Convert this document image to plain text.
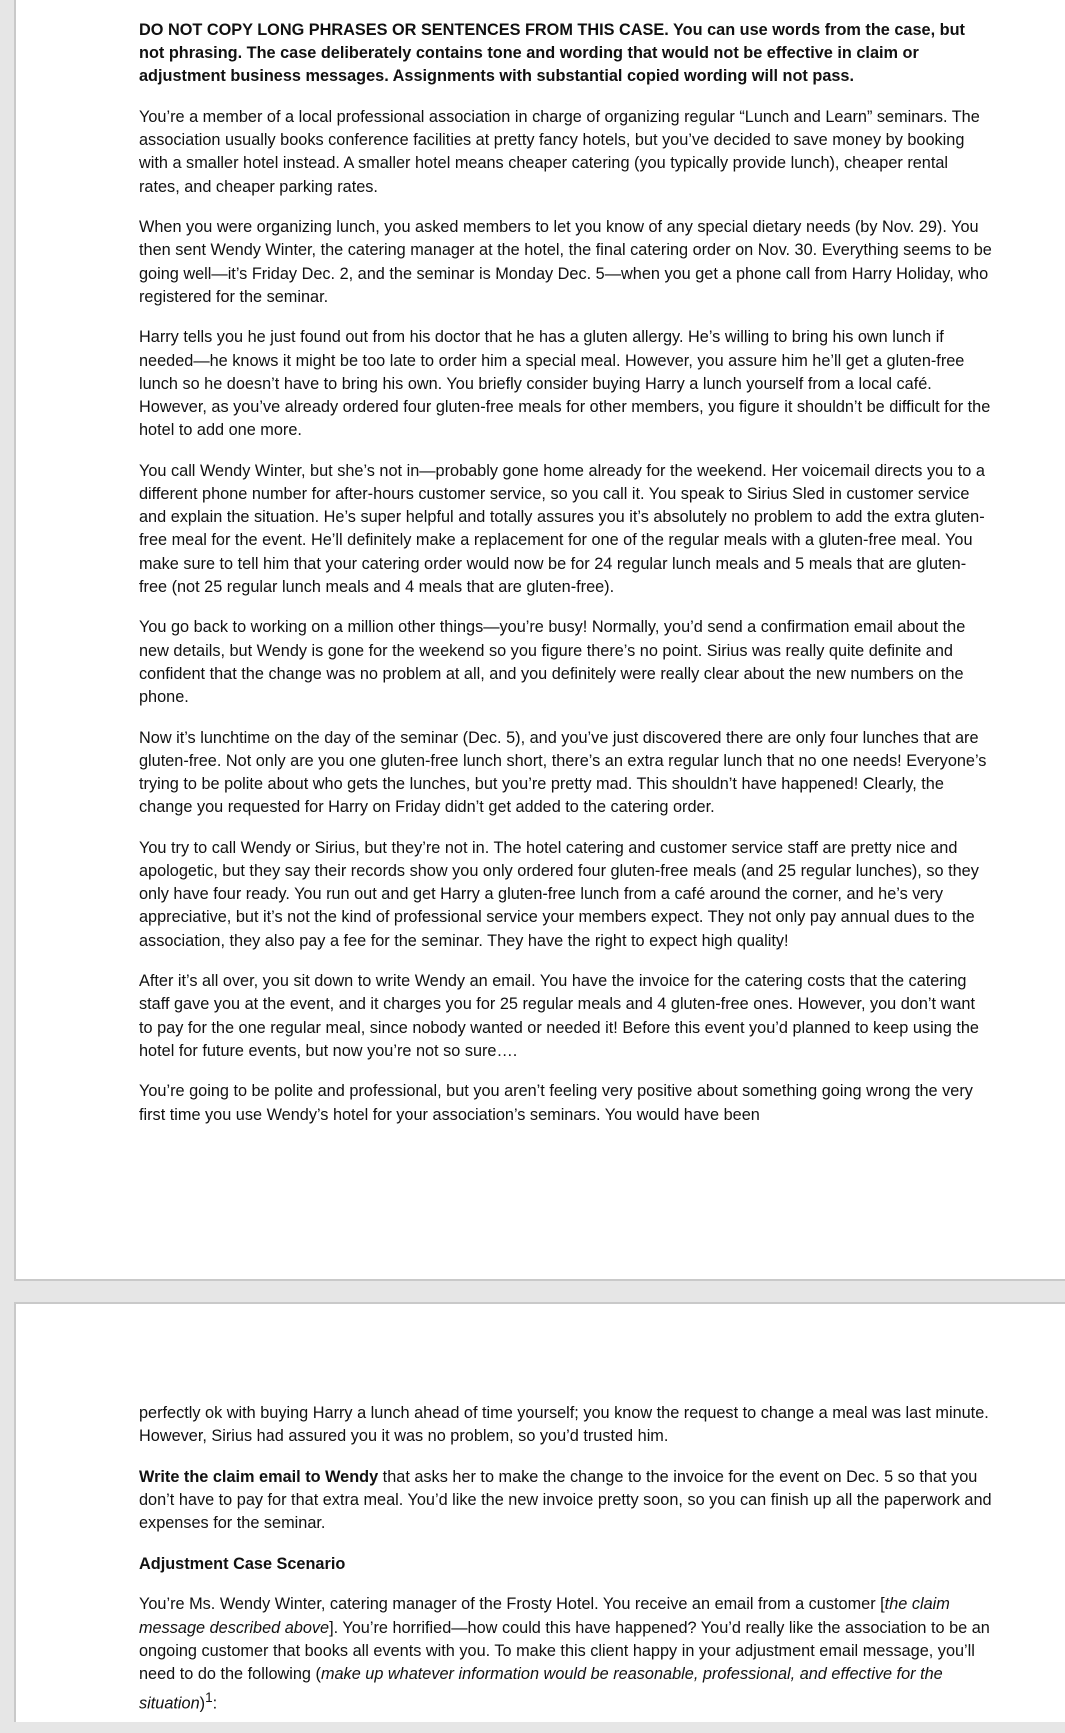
DO NOT COPY LONG PHRASES OR SENTENCES FROM THIS CASE. You can use words from the case, but not phrasing. The case deliberately contains tone and wording that would not be effective in claim or adjustment business messages. Assignments with substantial copied wording will not pass.

You’re a member of a local professional association in charge of organizing regular “Lunch and Learn” seminars. The association usually books conference facilities at pretty fancy hotels, but you’ve decided to save money by booking with a smaller hotel instead. A smaller hotel means cheaper catering (you typically provide lunch), cheaper rental rates, and cheaper parking rates.

When you were organizing lunch, you asked members to let you know of any special dietary needs (by Nov. 29). You then sent Wendy Winter, the catering manager at the hotel, the final catering order on Nov. 30. Everything seems to be going well—it’s Friday Dec. 2, and the seminar is Monday Dec. 5—when you get a phone call from Harry Holiday, who registered for the seminar.

Harry tells you he just found out from his doctor that he has a gluten allergy. He’s willing to bring his own lunch if needed—he knows it might be too late to order him a special meal. However, you assure him he’ll get a gluten-free lunch so he doesn’t have to bring his own. You briefly consider buying Harry a lunch yourself from a local café. However, as you’ve already ordered four gluten-free meals for other members, you figure it shouldn’t be difficult for the hotel to add one more.

You call Wendy Winter, but she’s not in—probably gone home already for the weekend. Her voicemail directs you to a different phone number for after-hours customer service, so you call it. You speak to Sirius Sled in customer service and explain the situation. He’s super helpful and totally assures you it’s absolutely no problem to add the extra gluten-free meal for the event. He’ll definitely make a replacement for one of the regular meals with a gluten-free meal. You make sure to tell him that your catering order would now be for 24 regular lunch meals and 5 meals that are gluten-free (not 25 regular lunch meals and 4 meals that are gluten-free).

You go back to working on a million other things—you’re busy! Normally, you’d send a confirmation email about the new details, but Wendy is gone for the weekend so you figure there’s no point. Sirius was really quite definite and confident that the change was no problem at all, and you definitely were really clear about the new numbers on the phone.

Now it’s lunchtime on the day of the seminar (Dec. 5), and you’ve just discovered there are only four lunches that are gluten-free. Not only are you one gluten-free lunch short, there’s an extra regular lunch that no one needs! Everyone’s trying to be polite about who gets the lunches, but you’re pretty mad. This shouldn’t have happened! Clearly, the change you requested for Harry on Friday didn’t get added to the catering order.

You try to call Wendy or Sirius, but they’re not in. The hotel catering and customer service staff are pretty nice and apologetic, but they say their records show you only ordered four gluten-free meals (and 25 regular lunches), so they only have four ready. You run out and get Harry a gluten-free lunch from a café around the corner, and he’s very appreciative, but it’s not the kind of professional service your members expect. They not only pay annual dues to the association, they also pay a fee for the seminar. They have the right to expect high quality!

After it’s all over, you sit down to write Wendy an email. You have the invoice for the catering costs that the catering staff gave you at the event, and it charges you for 25 regular meals and 4 gluten-free ones. However, you don’t want to pay for the one regular meal, since nobody wanted or needed it! Before this event you’d planned to keep using the hotel for future events, but now you’re not so sure….

You’re going to be polite and professional, but you aren’t feeling very positive about something going wrong the very first time you use Wendy’s hotel for your association’s seminars. You would have been

perfectly ok with buying Harry a lunch ahead of time yourself; you know the request to change a meal was last minute. However, Sirius had assured you it was no problem, so you’d trusted him.

Write the claim email to Wendy that asks her to make the change to the invoice for the event on Dec. 5 so that you don’t have to pay for that extra meal. You’d like the new invoice pretty soon, so you can finish up all the paperwork and expenses for the seminar.

Adjustment Case Scenario

You’re Ms. Wendy Winter, catering manager of the Frosty Hotel. You receive an email from a customer [the claim message described above]. You’re horrified—how could this have happened? You’d really like the association to be an ongoing customer that books all events with you. To make this client happy in your adjustment email message, you’ll need to do the following (make up whatever information would be reasonable, professional, and effective for the situation)$^1$:
